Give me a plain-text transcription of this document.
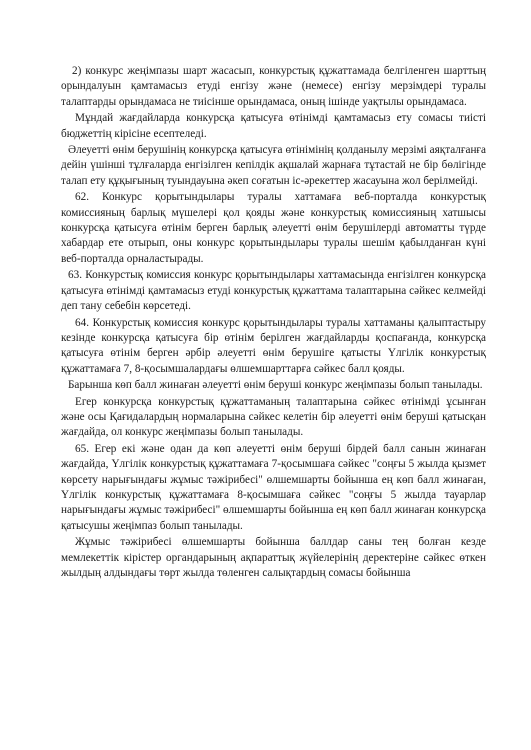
2) конкурс жеңімпазы шарт жасасып, конкурстық құжаттамада белгіленген шарттың орындалуын қамтамасыз етуді енгізу және (немесе) енгізу мерзімдері туралы талаптарды орындамаса не тиісінше орындамаса, оның ішінде уақтылы орындамаса.

Мұндай жағдайларда конкурсқа қатысуға өтінімді қамтамасыз ету сомасы тиісті бюджеттің кірісіне есептеледі.

Әлеуетті өнім берушінің конкурсқа қатысуға өтінімінің қолданылу мерзімі аяқталғанға дейін үшінші тұлғаларда енгізілген кепілдік ақшалай жарнаға тұтастай не бір бөлігінде талап ету құқығының туындауына әкеп соғатын іс-әрекеттер жасауына жол берілмейді.

62. Конкурс қорытындылары туралы хаттамаға веб-порталда конкурстық комиссияның барлық мүшелері қол қояды және конкурстық комиссияның хатшысы конкурсқа қатысуға өтінім берген барлық әлеуетті өнім берушілерді автоматты түрде хабардар ете отырып, оны конкурс қорытындылары туралы шешім қабылданған күні веб-порталда орналастырады.

63. Конкурстық комиссия конкурс қорытындылары хаттамасында енгізілген конкурсқа қатысуға өтінімді қамтамасыз етуді конкурстық құжаттама талаптарына сәйкес келмейді деп тану себебін көрсетеді.

64. Конкурстық комиссия конкурс қорытындылары туралы хаттаманы қалыптастыру кезінде конкурсқа қатысуға бір өтінім берілген жағдайларды қоспағанда, конкурсқа қатысуға өтінім берген әрбір әлеуетті өнім берушіге қатысты Үлгілік конкурстық құжаттамаға 7, 8-қосымшалардағы өлшемшарттарға сәйкес балл қояды.

Барынша көп балл жинаған әлеуетті өнім беруші конкурс жеңімпазы болып танылады.

Егер конкурсқа конкурстық құжаттаманың талаптарына сәйкес өтінімді ұсынған және осы Қағидалардың нормаларына сәйкес келетін бір әлеуетті өнім беруші қатысқан жағдайда, ол конкурс жеңімпазы болып танылады.

65. Егер екі және одан да көп әлеуетті өнім беруші бірдей балл санын жинаған жағдайда, Үлгілік конкурстық құжаттамаға 7-қосымшаға сәйкес "соңғы 5 жылда қызмет көрсету нарығындағы жұмыс тәжірибесі" өлшемшарты бойынша ең көп балл жинаған, Үлгілік конкурстық құжаттамаға 8-қосымшаға сәйкес "соңғы 5 жылда тауарлар нарығындағы жұмыс тәжірибесі" өлшемшарты бойынша ең көп балл жинаған конкурсқа қатысушы жеңімпаз болып танылады.

Жұмыс тәжірибесі өлшемшарты бойынша баллдар саны тең болған кезде мемлекеттік кірістер органдарының ақпараттық жүйелерінің деректеріне сәйкес өткен жылдың алдындағы төрт жылда төленген салықтардың сомасы бойынша
